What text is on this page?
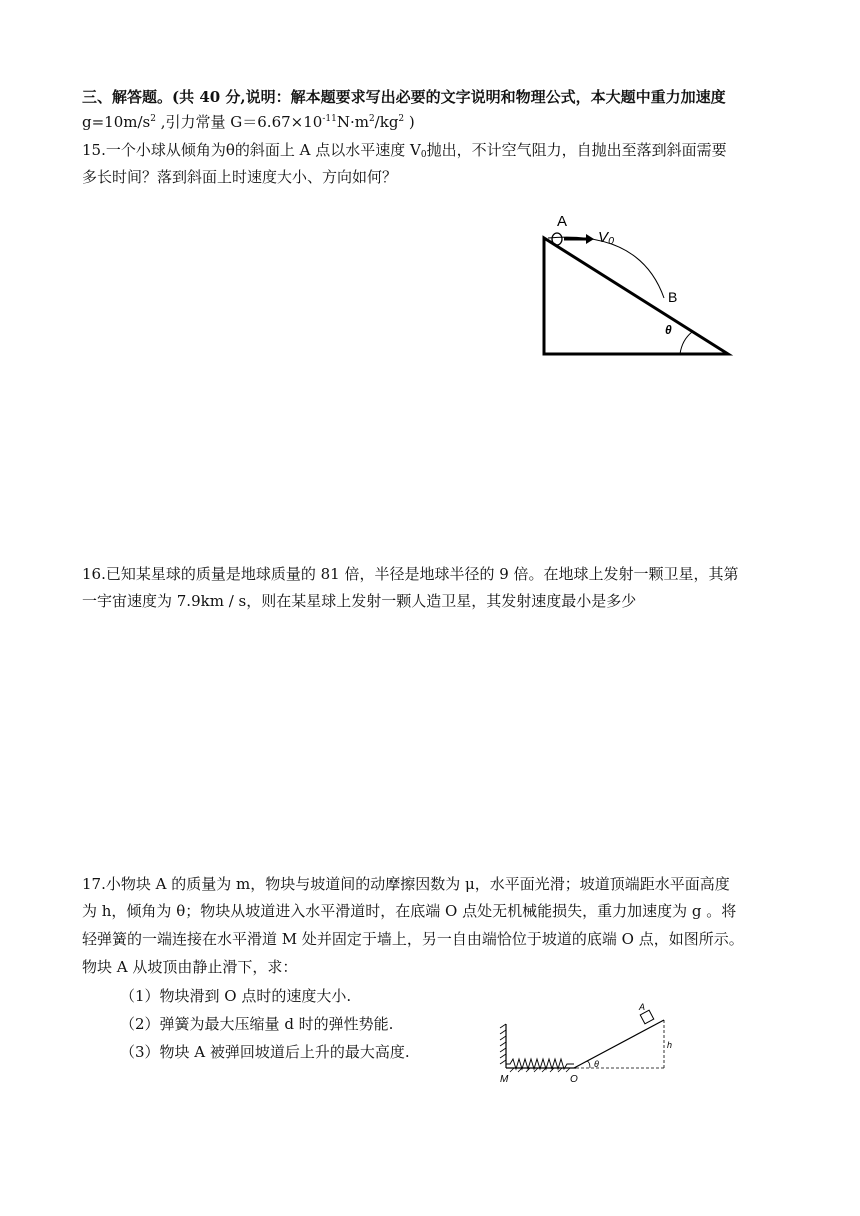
三、解答题。(共 40 分,说明：解本题要求写出必要的文字说明和物理公式，本大题中重力加速度
$g=10m/s^2$ ,引力常量 $G=6.67\times 10^{-11}N\cdot m^2/kg^2$ )
15.一个小球从倾角为θ的斜面上 A 点以水平速度 $V_0$抛出，不计空气阻力，自抛出至落到斜面需要
多长时间？落到斜面上时速度大小、方向如何？
A
V₀
B
θ
16.已知某星球的质量是地球质量的 81 倍，半径是地球半径的 9 倍。在地球上发射一颗卫星，其第
一宇宙速度为 7.9km / s，则在某星球上发射一颗人造卫星，其发射速度最小是多少
17.小物块 A 的质量为 m，物块与坡道间的动摩擦因数为 μ，水平面光滑；坡道顶端距水平面高度
为 h，倾角为 θ；物块从坡道进入水平滑道时，在底端 O 点处无机械能损失，重力加速度为 g 。将
轻弹簧的一端连接在水平滑道 M 处并固定于墙上，另一自由端恰位于坡道的底端 O 点，如图所示。
物块 A 从坡顶由静止滑下，求：
（1）物块滑到 O 点时的速度大小.
（2）弹簧为最大压缩量 d 时的弹性势能.
（3）物块 A 被弹回坡道后上升的最大高度.
A
h
M	O
θ
